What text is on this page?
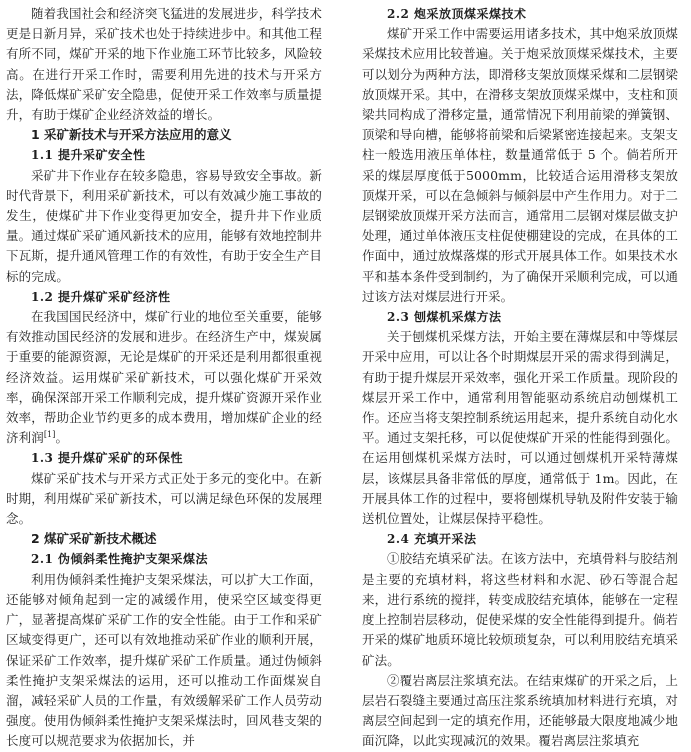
随着我国社会和经济突飞猛进的发展进步，科学技术更是日新月异，采矿技术也处于持续进步中。和其他工程有所不同，煤矿开采的地下作业施工环节比较多，风险较高。在进行开采工作时，需要利用先进的技术与开采方法，降低煤矿采矿安全隐患，促使开采工作效率与质量提升，有助于煤矿企业经济效益的增长。

1 采矿新技术与开采方法应用的意义

1.1 提升采矿安全性

采矿井下作业存在较多隐患，容易导致安全事故。新时代背景下，利用采矿新技术，可以有效减少施工事故的发生，使煤矿井下作业变得更加安全，提升井下作业质量。通过煤矿采矿通风新技术的应用，能够有效地控制井下瓦斯，提升通风管理工作的有效性，有助于安全生产目标的完成。

1.2 提升煤矿采矿经济性

在我国国民经济中，煤矿行业的地位至关重要，能够有效推动国民经济的发展和进步。在经济生产中，煤炭属于重要的能源资源，无论是煤矿的开采还是利用都很重视经济效益。运用煤矿采矿新技术，可以强化煤矿开采效率，确保深部开采工作顺利完成，提升煤矿资源开采作业效率，帮助企业节约更多的成本费用，增加煤矿企业的经济利润[1]。

1.3 提升煤矿采矿的环保性

煤矿采矿技术与开采方式正处于多元的变化中。在新时期，利用煤矿采矿新技术，可以满足绿色环保的发展理念。

2 煤矿采矿新技术概述

2.1 伪倾斜柔性掩护支架采煤法

利用伪倾斜柔性掩护支架采煤法，可以扩大工作面，还能够对倾角起到一定的减缓作用，使采空区域变得更广，显著提高煤矿采矿工作的安全性能。由于工作和采矿区域变得更广，还可以有效地推动采矿作业的顺利开展，保证采矿工作效率，提升煤矿采矿工作质量。通过伪倾斜柔性掩护支架采煤法的运用，还可以推动工作面煤炭自溜，减轻采矿人员的工作量，有效缓解采矿工作人员劳动强度。使用伪倾斜柔性掩护支架采煤法时，回风巷支架的长度可以规范要求为依据加长，并

2.2 炮采放顶煤采煤技术

煤矿开采工作中需要运用诸多技术，其中炮采放顶煤采煤技术应用比较普遍。关于炮采放顶煤采煤技术，主要可以划分为两种方法，即滑移支架放顶煤采煤和二层钢梁放顶煤开采。其中，在滑移支架放顶煤采煤中，支柱和顶梁共同构成了滑移定量，通常情况下利用前梁的弹簧钢、顶梁和导向槽，能够将前梁和后梁紧密连接起来。支架支柱一般选用液压单体柱，数量通常低于 5 个。倘若所开采的煤层厚度低于5000mm，比较适合运用滑移支架放顶煤开采，可以在急倾斜与倾斜层中产生作用力。对于二层钢梁放顶煤开采方法而言，通常用二层钢对煤层做支护处理，通过单体液压支柱促使棚建设的完成，在具体的工作面中，通过放煤落煤的形式开展具体工作。如果技术水平和基本条件受到制约，为了确保开采顺利完成，可以通过该方法对煤层进行开采。

2.3 刨煤机采煤方法

关于刨煤机采煤方法，开始主要在薄煤层和中等煤层开采中应用，可以让各个时期煤层开采的需求得到满足，有助于提升煤层开采效率，强化开采工作质量。现阶段的煤层开采工作中，通常利用智能驱动系统启动刨煤机工作。还应当将支架控制系统运用起来，提升系统自动化水平。通过支架托移，可以促使煤矿开采的性能得到强化。在运用刨煤机采煤方法时，可以通过刨煤机开采特薄煤层，该煤层具备非常低的厚度，通常低于 1m。因此，在开展具体工作的过程中，要将刨煤机导轨及附件安装于输送机位置处，让煤层保持平稳性。

2.4 充填开采法

①胶结充填采矿法。在该方法中，充填骨料与胶结剂是主要的充填材料，将这些材料和水泥、砂石等混合起来，进行系统的搅拌，转变成胶结充填体，能够在一定程度上控制岩层移动，促使采煤的安全性能得到提升。倘若开采的煤矿地质环境比较烦琐复杂，可以利用胶结充填采矿法。

②覆岩离层注浆填充法。在结束煤矿的开采之后，上层岩石裂缝主要通过高压注浆系统填加材料进行充填，对离层空间起到一定的填充作用，还能够最大限度地减少地面沉降，以此实现减沉的效果。覆岩离层注浆填充
